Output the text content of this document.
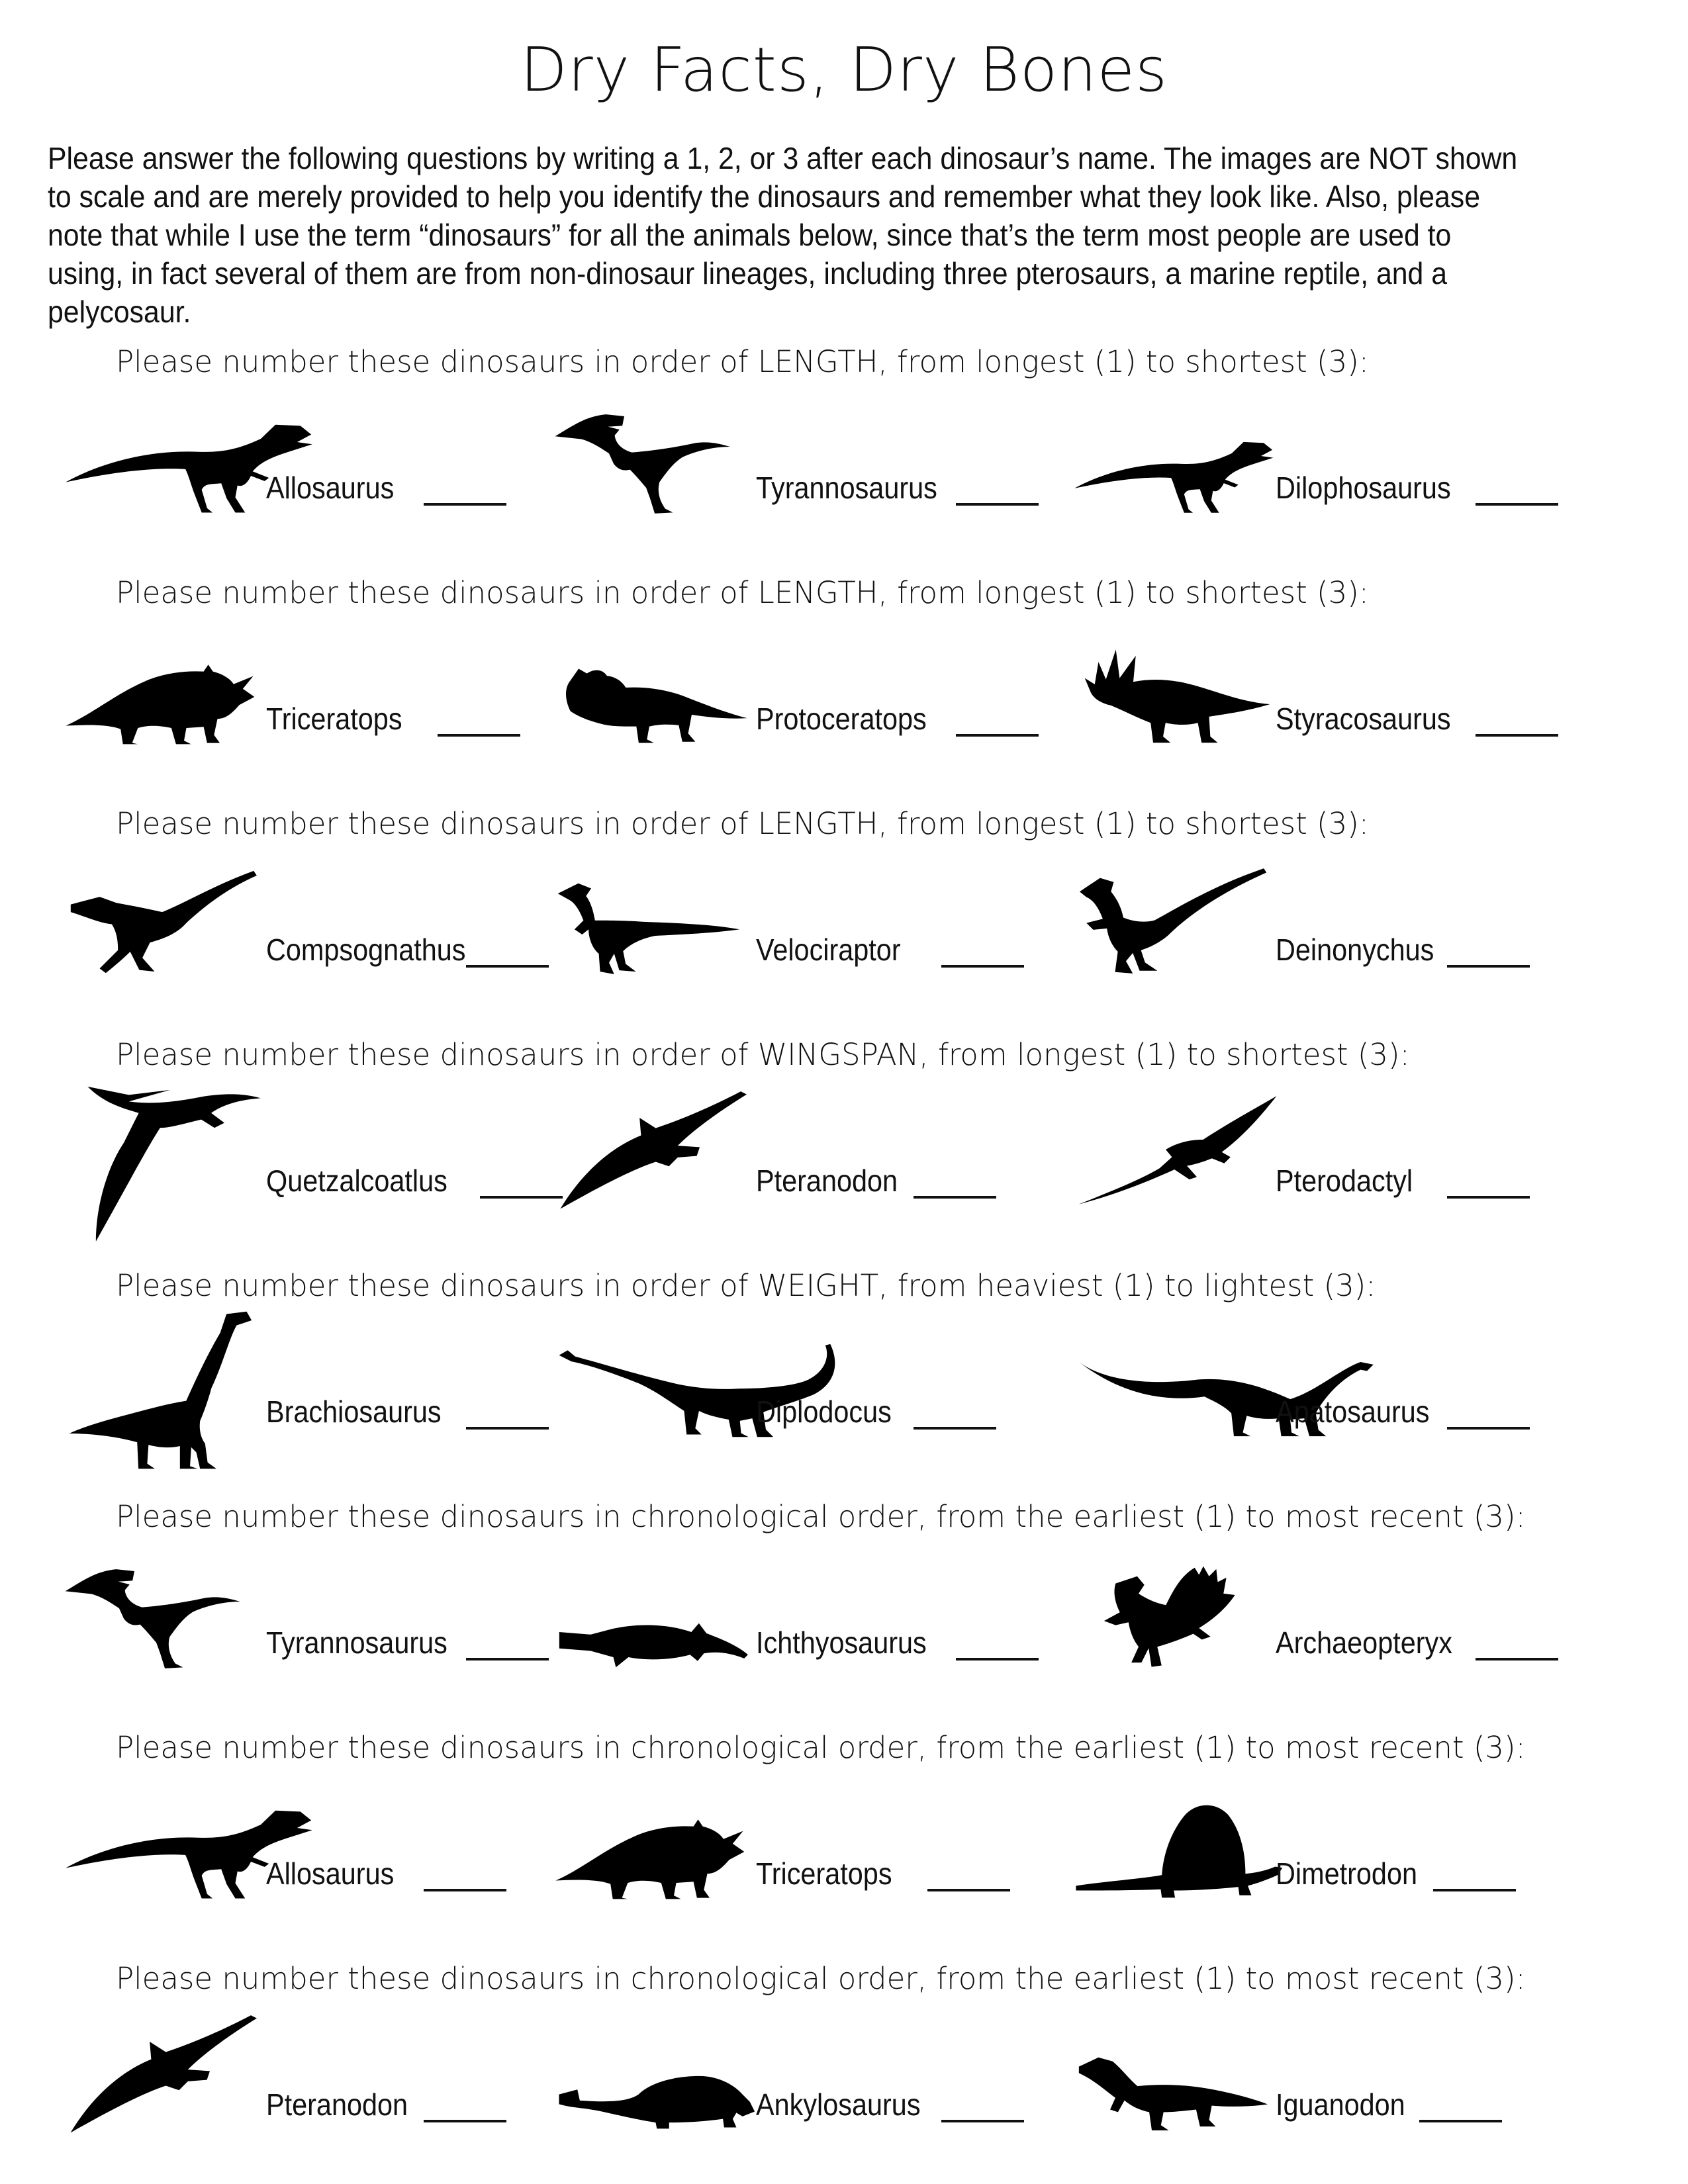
Dry Facts, Dry Bones
Please answer the following questions by writing a 1, 2, or 3 after each dinosaur’s name. The images are NOT shown to scale and are merely provided to help you identify the dinosaurs and remember what they look like. Also, please note that while I use the term “dinosaurs” for all the animals below, since that’s the term most people are used to using, in fact several of them are from non-dinosaur lineages, including three pterosaurs, a marine reptile, and a pelycosaur.
Please number these dinosaurs in order of LENGTH, from longest (1) to shortest (3):
Allosaurus	Tyrannosaurus	Dilophosaurus
Please number these dinosaurs in order of LENGTH, from longest (1) to shortest (3):
Triceratops	Protoceratops	Styracosaurus
Please number these dinosaurs in order of LENGTH, from longest (1) to shortest (3):
Compsognathus	Velociraptor	Deinonychus
Please number these dinosaurs in order of WINGSPAN, from longest (1) to shortest (3):
Quetzalcoatlus	Pteranodon	Pterodactyl
Please number these dinosaurs in order of WEIGHT, from heaviest (1) to lightest (3):
Brachiosaurus	Diplodocus	Apatosaurus
Please number these dinosaurs in chronological order, from the earliest (1) to most recent (3):
Tyrannosaurus	Ichthyosaurus	Archaeopteryx
Please number these dinosaurs in chronological order, from the earliest (1) to most recent (3):
Allosaurus	Triceratops	Dimetrodon
Please number these dinosaurs in chronological order, from the earliest (1) to most recent (3):
Pteranodon	Ankylosaurus	Iguanodon
